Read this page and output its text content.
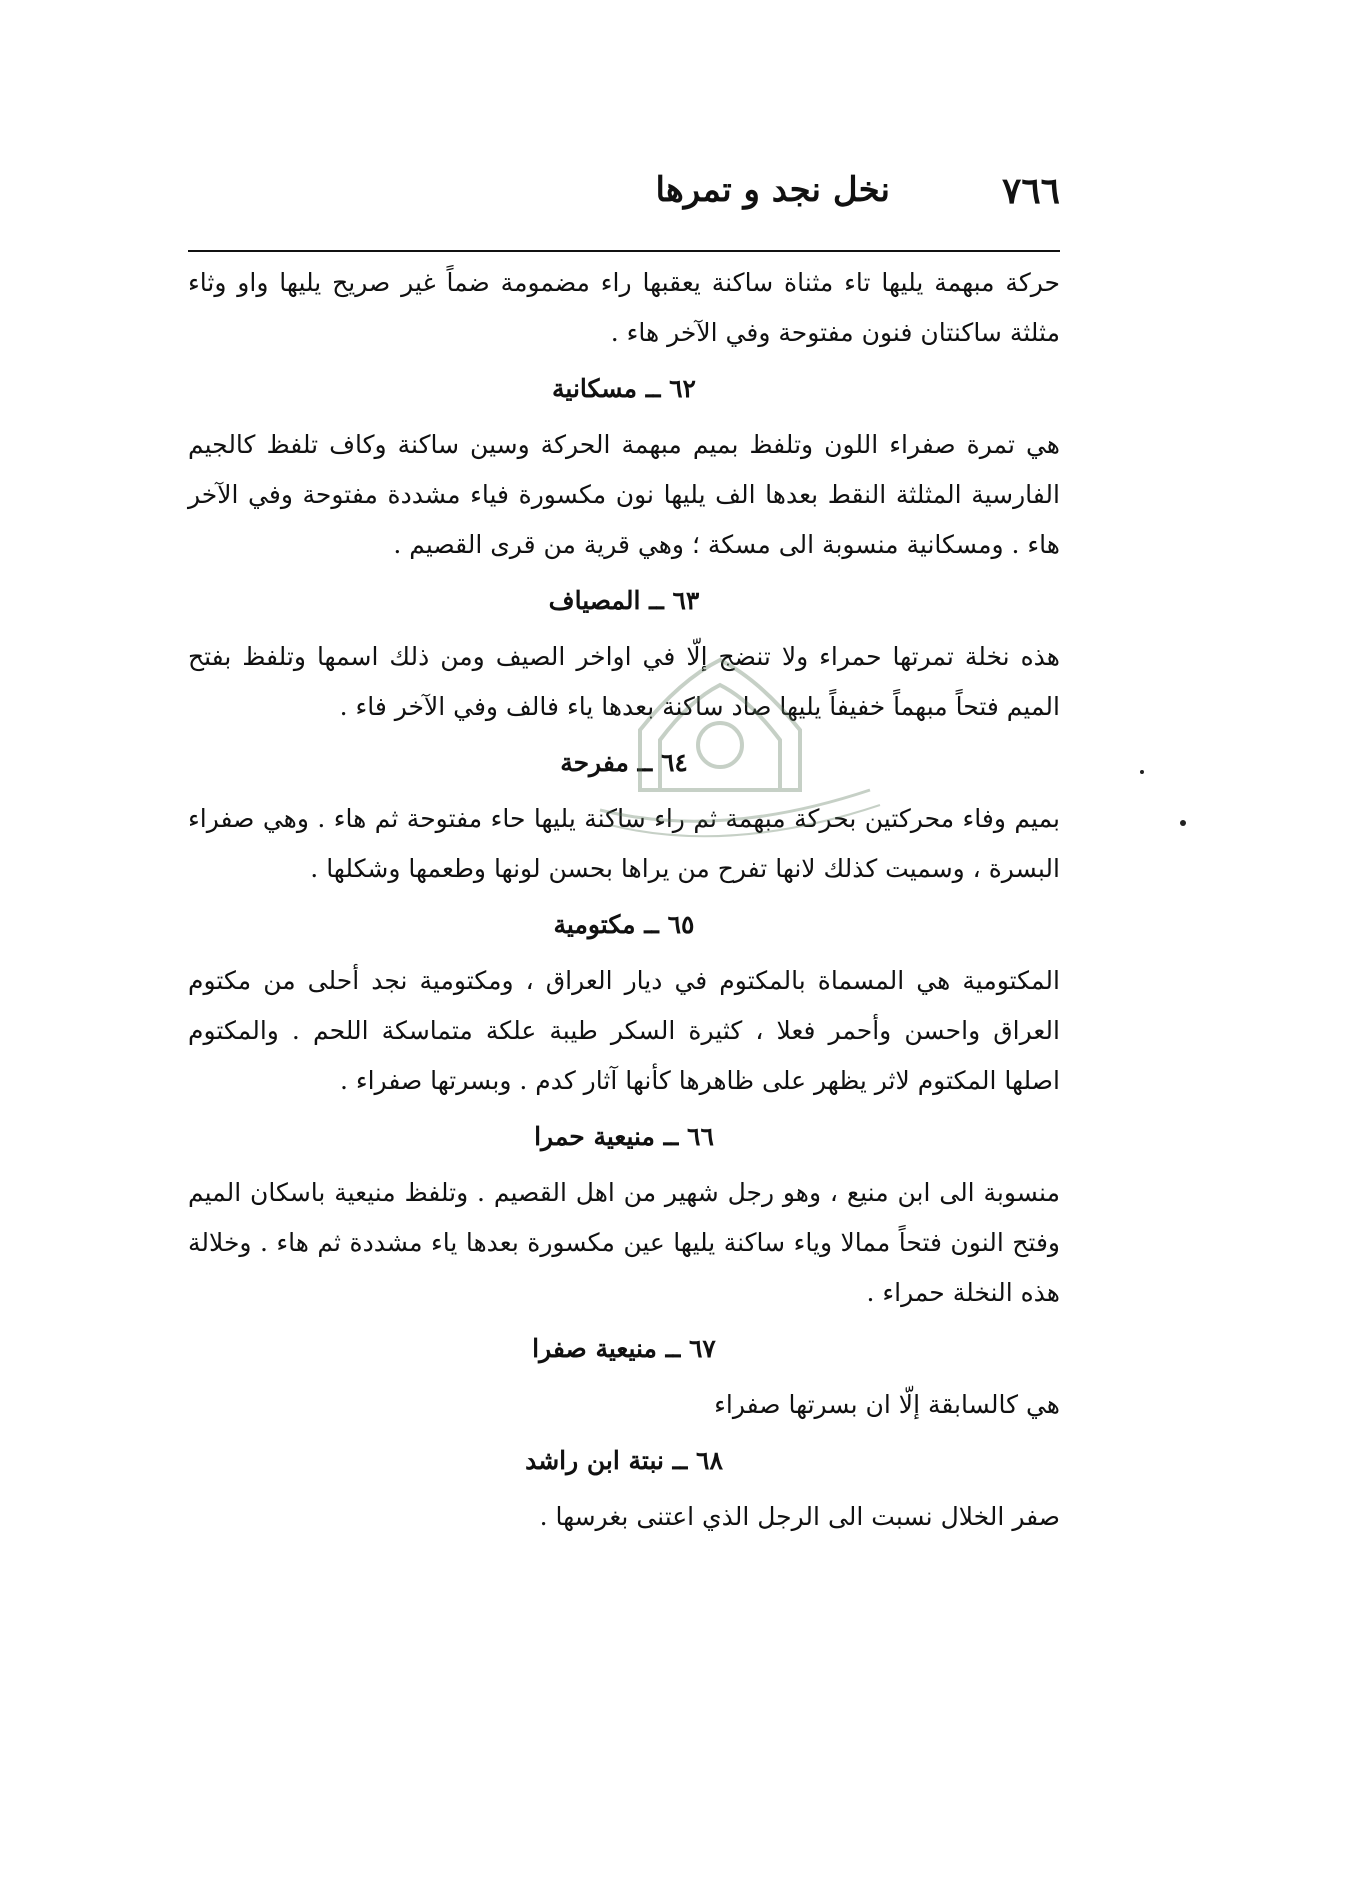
٧٦٦
نخل نجد و تمرها

حركة مبهمة يليها تاء مثناة ساكنة يعقبها راء مضمومة ضماً غير صريح يليها واو وثاء مثلثة ساكنتان فنون مفتوحة وفي الآخر هاء .

٦٢ ــ مسكانية

هي تمرة صفراء اللون وتلفظ بميم مبهمة الحركة وسين ساكنة وكاف تلفظ كالجيم الفارسية المثلثة النقط بعدها الف يليها نون مكسورة فياء مشددة مفتوحة وفي الآخر هاء . ومسكانية منسوبة الى مسكة ؛ وهي قرية من قرى القصيم .

٦٣ ــ المصياف

هذه نخلة تمرتها حمراء ولا تنضج إلّا في اواخر الصيف ومن ذلك اسمها وتلفظ بفتح الميم فتحاً مبهماً خفيفاً يليها صاد ساكنة بعدها ياء فالف وفي الآخر فاء .

٦٤ ــ مفرحة

بميم وفاء محركتين بحركة مبهمة ثم راء ساكنة يليها حاء مفتوحة ثم هاء . وهي صفراء البسرة ، وسميت كذلك لانها تفرح من يراها بحسن لونها وطعمها وشكلها .

٦٥ ــ مكتومية

المكتومية هي المسماة بالمكتوم في ديار العراق ، ومكتومية نجد أحلى من مكتوم العراق واحسن وأحمر فعلا ، كثيرة السكر طيبة علكة متماسكة اللحم . والمكتوم اصلها المكتوم لاثر يظهر على ظاهرها كأنها آثار كدم . وبسرتها صفراء .

٦٦ ــ منيعية حمرا

منسوبة الى ابن منيع ، وهو رجل شهير من اهل القصيم . وتلفظ منيعية باسكان الميم وفتح النون فتحاً ممالا وياء ساكنة يليها عين مكسورة بعدها ياء مشددة ثم هاء . وخلالة هذه النخلة حمراء .

٦٧ ــ منيعية صفرا

هي كالسابقة إلّا ان بسرتها صفراء

٦٨ ــ نبتة ابن راشد

صفر الخلال نسبت الى الرجل الذي اعتنى بغرسها .
